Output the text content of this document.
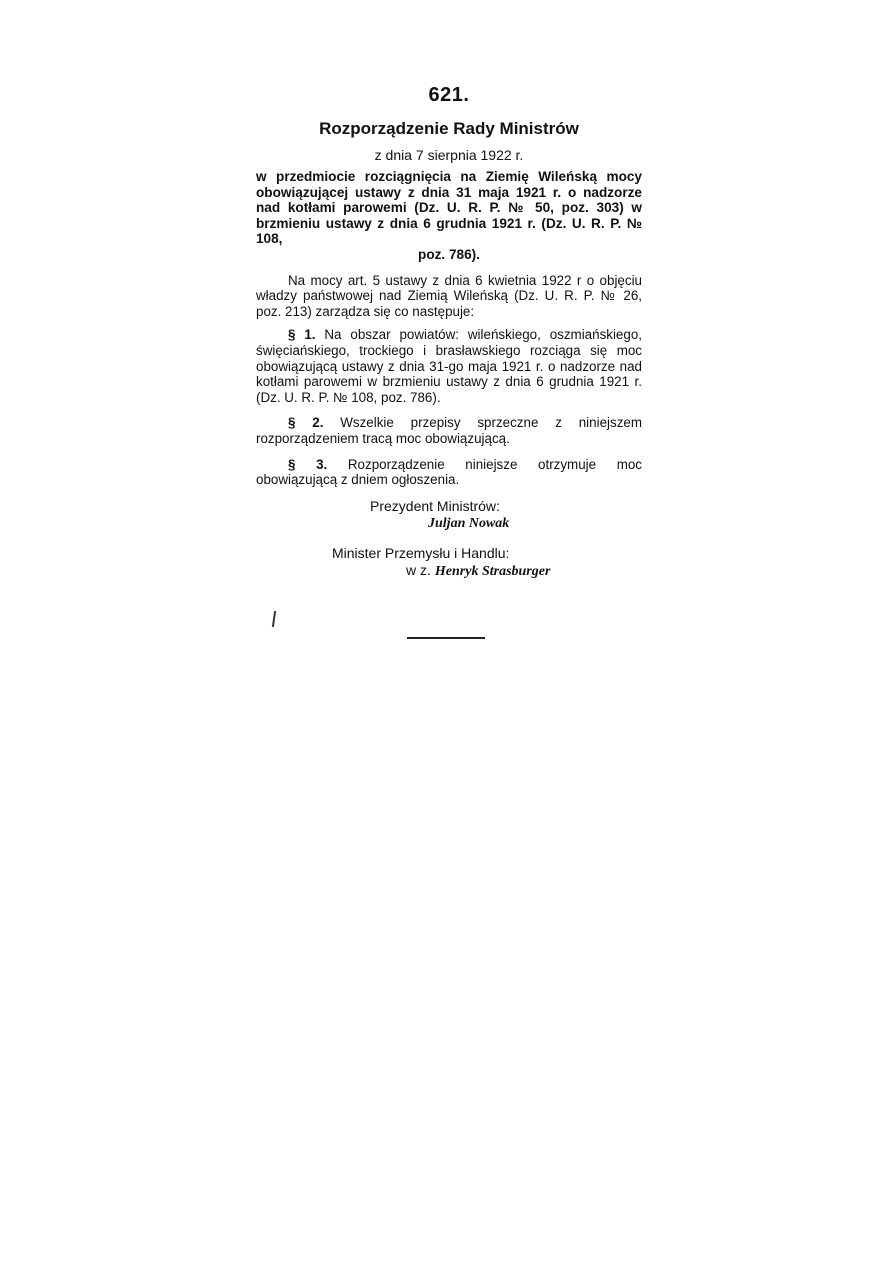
621.
Rozporządzenie Rady Ministrów
z dnia 7 sierpnia 1922 r.
w przedmiocie rozciągnięcia na Ziemię Wileńską mocy obowiązującej ustawy z dnia 31 maja 1921 r. o nadzorze nad kotłami parowemi (Dz. U. R. P. № 50, poz. 303) w brzmieniu ustawy z dnia 6 grudnia 1921 r. (Dz. U. R. P. № 108,
poz. 786).

Na mocy art. 5 ustawy z dnia 6 kwietnia 1922 r o objęciu władzy państwowej nad Ziemią Wileńską (Dz. U. R. P. № 26, poz. 213) zarządza się co następuje:

§ 1. Na obszar powiatów: wileńskiego, oszmiańskiego, święciańskiego, trockiego i brasławskiego rozciąga się moc obowiązującą ustawy z dnia 31-go maja 1921 r. o nadzorze nad kotłami parowemi w brzmieniu ustawy z dnia 6 grudnia 1921 r. (Dz. U. R. P. № 108, poz. 786).

§ 2. Wszelkie przepisy sprzeczne z niniejszem rozporządzeniem tracą moc obowiązującą.

§ 3. Rozporządzenie niniejsze otrzymuje moc obowiązującą z dniem ogłoszenia.

Prezydent Ministrów:
Juljan Nowak
Minister Przemysłu i Handlu:
w z. Henryk Strasburger
